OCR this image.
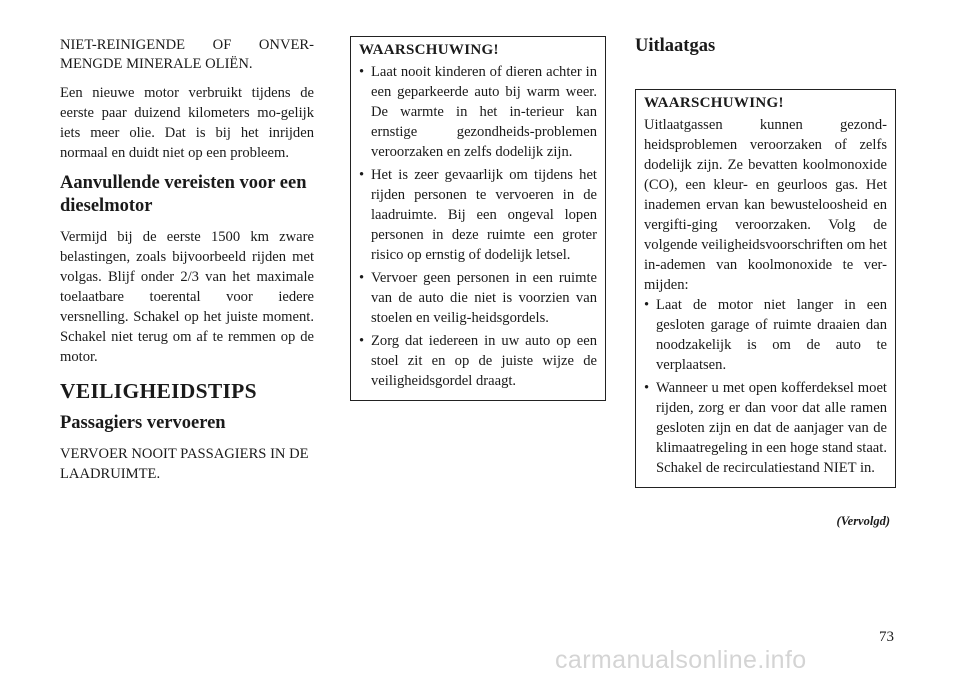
NIET-REINIGENDE OF ONVER-MENGDE MINERALE OLIËN.

Een nieuwe motor verbruikt tijdens de eerste paar duizend kilometers mo-gelijk iets meer olie. Dat is bij het inrijden normaal en duidt niet op een probleem.

Aanvullende vereisten voor een dieselmotor

Vermijd bij de eerste 1500 km zware belastingen, zoals bijvoorbeeld rijden met volgas. Blijf onder 2/3 van het maximale toelaatbare toerental voor iedere versnelling. Schakel op het juiste moment. Schakel niet terug om af te remmen op de motor.

VEILIGHEIDSTIPS
Passagiers vervoeren

VERVOER NOOIT PASSAGIERS IN DE LAADRUIMTE.

WAARSCHUWING!
• Laat nooit kinderen of dieren achter in een geparkeerde auto bij warm weer. De warmte in het in-terieur kan ernstige gezondheids-problemen veroorzaken en zelfs dodelijk zijn.
• Het is zeer gevaarlijk om tijdens het rijden personen te vervoeren in de laadruimte. Bij een ongeval lopen personen in deze ruimte een groter risico op ernstig of dodelijk letsel.
• Vervoer geen personen in een ruimte van de auto die niet is voorzien van stoelen en veilig-heidsgordels.
• Zorg dat iedereen in uw auto op een stoel zit en op de juiste wijze de veiligheidsgordel draagt.
Uitlaatgas
WAARSCHUWING!

Uitlaatgassen kunnen gezond-heidsproblemen veroorzaken of zelfs dodelijk zijn. Ze bevatten koolmonoxide (CO), een kleur- en geurloos gas. Het inademen ervan kan bewusteloosheid en vergifti-ging veroorzaken. Volg de volgende veiligheidsvoorschriften om het in-ademen van koolmonoxide te ver-mijden:

• Laat de motor niet langer in een gesloten garage of ruimte draaien dan noodzakelijk is om de auto te verplaatsen.
• Wanneer u met open kofferdeksel moet rijden, zorg er dan voor dat alle ramen gesloten zijn en dat de aanjager van de klimaatregeling in een hoge stand staat. Schakel de recirculatiestand NIET in.
(Vervolgd)
73
carmanualsonline.info
